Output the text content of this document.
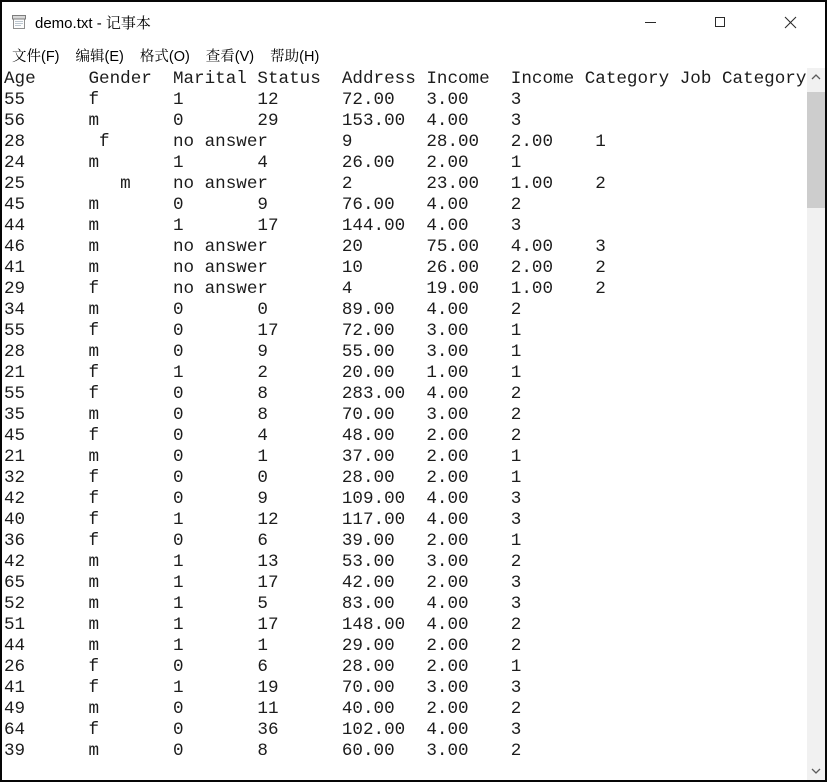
demo.txt - 记事本
文件(F)	编辑(E)	格式(O)	查看(V)	帮助(H)
Age	Gender	Marital Status	Address	Income	Income Category	Job Category
55	f	1	12	72.00	3.00	3
56	m	0	29	153.00	4.00	3
28	f	no answer	9	28.00	2.00	1
24	m	1	4	26.00	2.00	1
25	m	no answer	2	23.00	1.00	2
45	m	0	9	76.00	4.00	2
44	m	1	17	144.00	4.00	3
46	m	no answer	20	75.00	4.00	3
41	m	no answer	10	26.00	2.00	2
29	f	no answer	4	19.00	1.00	2
34	m	0	0	89.00	4.00	2
55	f	0	17	72.00	3.00	1
28	m	0	9	55.00	3.00	1
21	f	1	2	20.00	1.00	1
55	f	0	8	283.00	4.00	2
35	m	0	8	70.00	3.00	2
45	f	0	4	48.00	2.00	2
21	m	0	1	37.00	2.00	1
32	f	0	0	28.00	2.00	1
42	f	0	9	109.00	4.00	3
40	f	1	12	117.00	4.00	3
36	f	0	6	39.00	2.00	1
42	m	1	13	53.00	3.00	2
65	m	1	17	42.00	2.00	3
52	m	1	5	83.00	4.00	3
51	m	1	17	148.00	4.00	2
44	m	1	1	29.00	2.00	2
26	f	0	6	28.00	2.00	1
41	f	1	19	70.00	3.00	3
49	m	0	11	40.00	2.00	2
64	f	0	36	102.00	4.00	3
39	m	0	8	60.00	3.00	2
